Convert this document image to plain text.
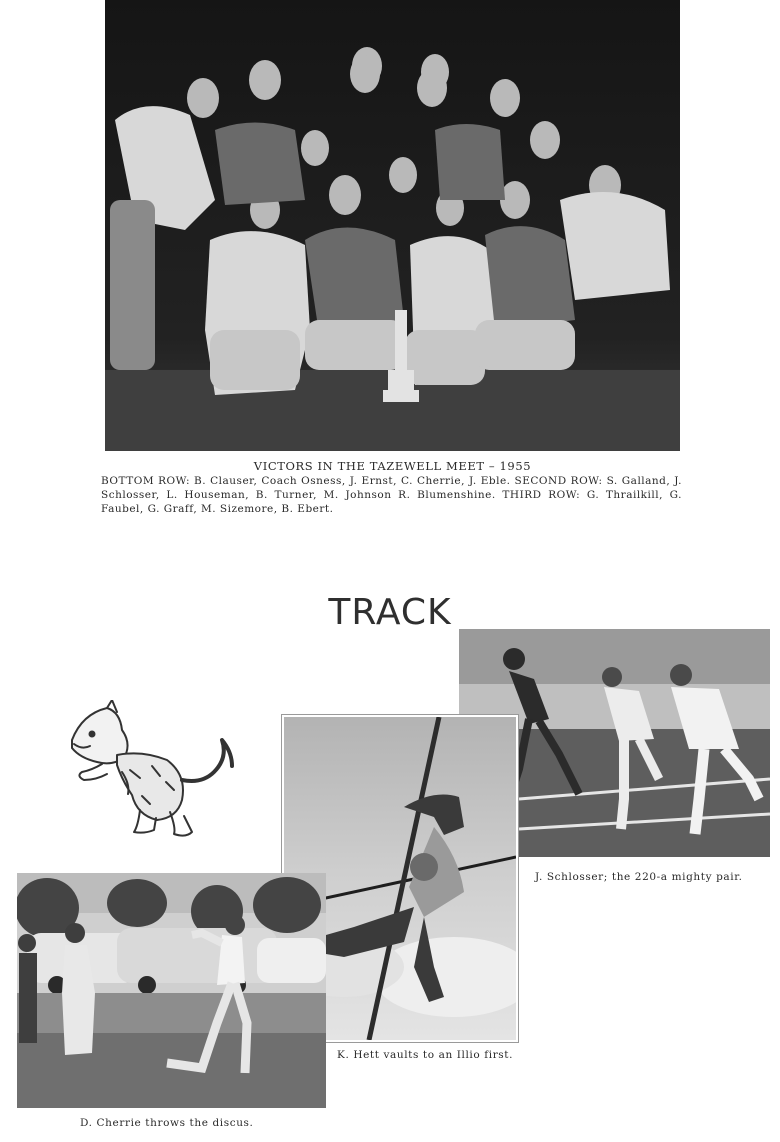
VICTORS IN THE TAZEWELL MEET – 1955
BOTTOM ROW: B. Clauser, Coach Osness, J. Ernst, C. Cherrie, J. Eble. SECOND ROW: S. Galland, J. Schlosser, L. Houseman, B. Turner, M. Johnson R. Blumenshine. THIRD ROW: G. Thrailkill, G. Faubel, G. Graff, M. Sizemore, B. Ebert.
TRACK
J. Schlosser; the 220-a mighty pair.
K. Hett vaults to an Illio first.
D. Cherrie throws the discus.
